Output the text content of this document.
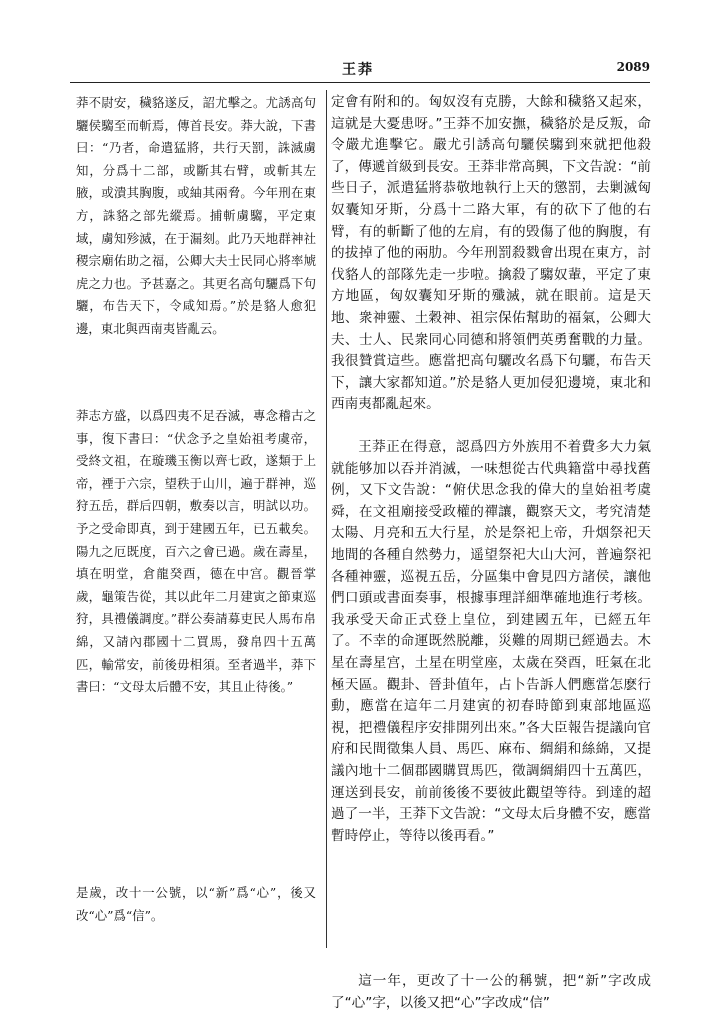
王莽	2089

莽不尉安，穢貉遂反，詔尤擊之。尤誘高句驪侯騶至而斬焉，傳首長安。莽大說，下書曰：“乃者，命遣猛將，共行天罰，誅滅虜知，分爲十二部，或斷其右臂，或斬其左腋，或潰其胸腹，或紬其兩脅。今年刑在東方，誅貉之部先縱焉。捕斬虜騶，平定東域，虜知殄滅，在于漏刻。此乃天地群神社稷宗廟佑助之福，公卿大夫士民同心將率虓虎之力也。予甚嘉之。其更名高句驪爲下句驪，布告天下，令咸知焉。”於是貉人愈犯邊，東北與西南夷皆亂云。

莽志方盛，以爲四夷不足吞滅，專念稽古之事，復下書曰：“伏念予之皇始祖考虞帝，受終文祖，在璇璣玉衡以齊七政，遂類于上帝，禋于六宗，望秩于山川，遍于群神，巡狩五岳，群后四朝，敷奏以言，明試以功。予之受命即真，到于建國五年，已五載矣。陽九之厄既度，百六之會已過。歲在壽星，填在明堂，倉龍癸酉，德在中宫。觀晉掌歲，龜策告從，其以此年二月建寅之節東巡狩，具禮儀調度。”群公奏請募吏民人馬布帛綿，又請內郡國十二買馬，發帛四十五萬匹，輸常安，前後毋相須。至者過半，莽下書曰：“文母太后體不安，其且止待後。”

是歲，改十一公號，以“新”爲“心”，後又改“心”爲“信”。

定會有附和的。匈奴沒有克勝，大餘和穢貉又起來，這就是大憂患呀。”王莽不加安撫，穢貉於是反叛，命令嚴尤進擊它。嚴尤引誘高句驪侯騶到來就把他殺了，傳遞首級到長安。王莽非常高興，下文告說：“前些日子，派遣猛將恭敬地執行上天的懲罰，去剿滅匈奴囊知牙斯，分爲十二路大軍，有的砍下了他的右臂，有的斬斷了他的左肩，有的毁傷了他的胸腹，有的拔掉了他的兩肋。今年刑罰殺戮會出現在東方，討伐貉人的部隊先走一步啦。擒殺了騶奴輩，平定了東方地區，匈奴囊知牙斯的殲滅，就在眼前。這是天地、衆神靈、土穀神、祖宗保佑幫助的福氣，公卿大夫、士人、民衆同心同德和將領們英勇奮戰的力量。我很贊賞這些。應當把高句驪改名爲下句驪，布告天下，讓大家都知道。”於是貉人更加侵犯邊境，東北和西南夷都亂起來。

王莽正在得意，認爲四方外族用不着費多大力氣就能够加以吞并消滅，一味想從古代典籍當中尋找舊例，又下文告說：“俯伏思念我的偉大的皇始祖考虞舜，在文祖廟接受政權的禪讓，觀察天文，考究清楚太陽、月亮和五大行星，於是祭祀上帝，升烟祭祀天地間的各種自然勢力，遥望祭祀大山大河，普遍祭祀各種神靈，巡視五岳，分區集中會見四方諸侯，讓他們口頭或書面奏事，根據事理詳細準確地進行考核。我承受天命正式登上皇位，到建國五年，已經五年了。不幸的命運既然脱離，災難的周期已經過去。木星在壽星宫，土星在明堂座，太歲在癸酉，旺氣在北極天區。觀卦、晉卦值年，占卜告訴人們應當怎麽行動，應當在這年二月建寅的初春時節到東部地區巡視，把禮儀程序安排開列出來。”各大臣報告提議向官府和民間徵集人員、馬匹、麻布、綢絹和絲綿，又提議內地十二個郡國購買馬匹，徵調綢絹四十五萬匹，運送到長安，前前後後不要彼此觀望等待。到達的超過了一半，王莽下文告說：“文母太后身體不安，應當暫時停止，等待以後再看。”

這一年，更改了十一公的稱號，把“新”字改成了“心”字，以後又把“心”字改成“信”
